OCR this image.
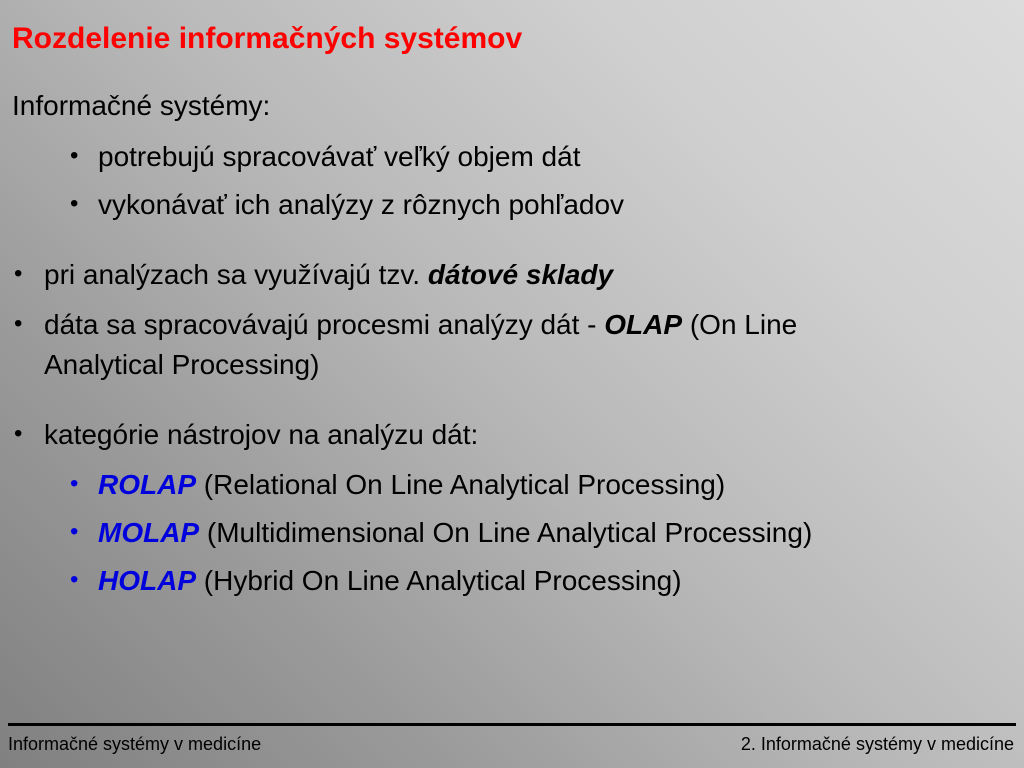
Rozdelenie informačných systémov
Informačné systémy:
• potrebujú spracovávať veľký objem dát
• vykonávať ich analýzy z rôznych pohľadov
• pri analýzach sa využívajú tzv. dátové sklady
• dáta sa spracovávajú procesmi analýzy dát - OLAP (On Line
Analytical Processing)
• kategórie nástrojov na analýzu dát:
• ROLAP (Relational On Line Analytical Processing)
• MOLAP (Multidimensional On Line Analytical Processing)
• HOLAP (Hybrid On Line Analytical Processing)
Informačné systémy v medicíne	2. Informačné systémy v medicíne
